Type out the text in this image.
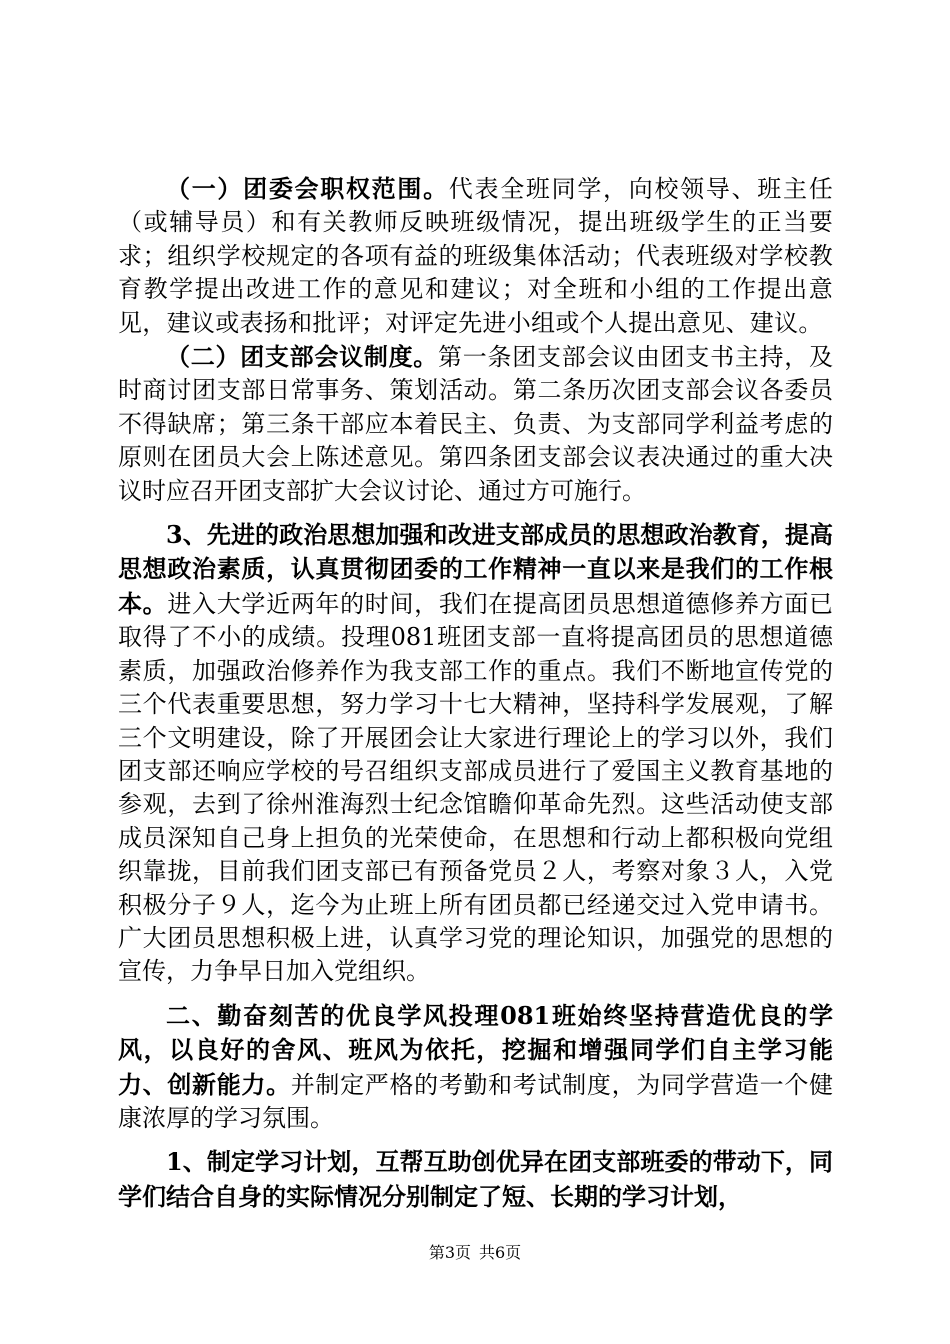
（一）团委会职权范围。代表全班同学，向校领导、班主任（或辅导员）和有关教师反映班级情况，提出班级学生的正当要求；组织学校规定的各项有益的班级集体活动；代表班级对学校教育教学提出改进工作的意见和建议；对全班和小组的工作提出意见，建议或表扬和批评；对评定先进小组或个人提出意见、建议。

（二）团支部会议制度。第一条团支部会议由团支书主持，及时商讨团支部日常事务、策划活动。第二条历次团支部会议各委员不得缺席；第三条干部应本着民主、负责、为支部同学利益考虑的原则在团员大会上陈述意见。第四条团支部会议表决通过的重大决议时应召开团支部扩大会议讨论、通过方可施行。

3、先进的政治思想加强和改进支部成员的思想政治教育，提高思想政治素质，认真贯彻团委的工作精神一直以来是我们的工作根本。进入大学近两年的时间，我们在提高团员思想道德修养方面已取得了不小的成绩。投理081班团支部一直将提高团员的思想道德素质，加强政治修养作为我支部工作的重点。我们不断地宣传党的三个代表重要思想，努力学习十七大精神，坚持科学发展观，了解三个文明建设，除了开展团会让大家进行理论上的学习以外，我们团支部还响应学校的号召组织支部成员进行了爱国主义教育基地的参观，去到了徐州淮海烈士纪念馆瞻仰革命先烈。这些活动使支部成员深知自己身上担负的光荣使命，在思想和行动上都积极向党组织靠拢，目前我们团支部已有预备党员２人，考察对象３人，入党积极分子９人，迄今为止班上所有团员都已经递交过入党申请书。广大团员思想积极上进，认真学习党的理论知识，加强党的思想的宣传，力争早日加入党组织。

二、勤奋刻苦的优良学风投理081班始终坚持营造优良的学风，以良好的舍风、班风为依托，挖掘和增强同学们自主学习能力、创新能力。并制定严格的考勤和考试制度，为同学营造一个健康浓厚的学习氛围。

1、制定学习计划，互帮互助创优异在团支部班委的带动下，同学们结合自身的实际情况分别制定了短、长期的学习计划，

第3页 共6页
